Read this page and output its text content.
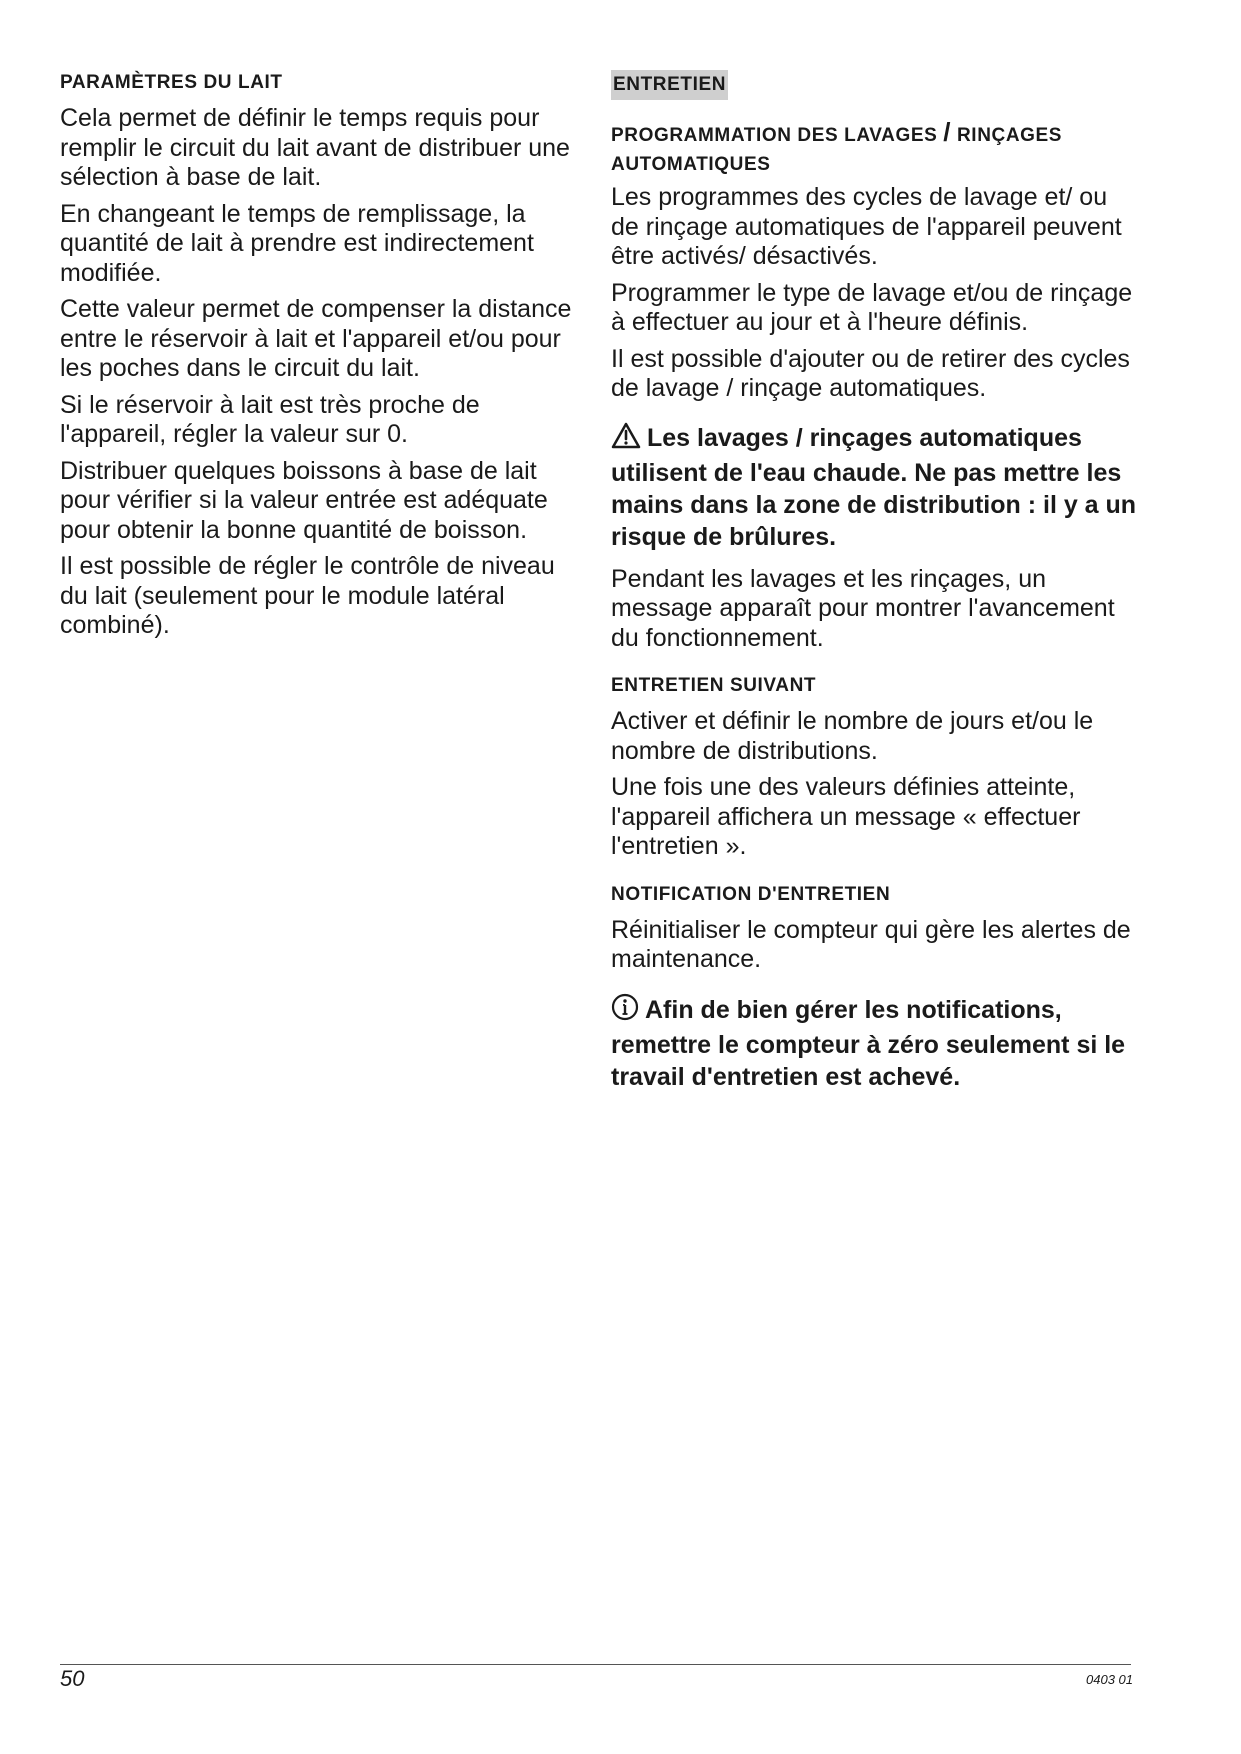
PARAMÈTRES DU LAIT

Cela permet de définir le temps requis pour remplir le circuit du lait avant de distribuer une sélection à base de lait.

En changeant le temps de remplissage, la quantité de lait à prendre est indirectement modifiée.

Cette valeur permet de compenser la distance entre le réservoir à lait et l'appareil et/ou pour les poches dans le circuit du lait.

Si le réservoir à lait est très proche de l'appareil, régler la valeur sur 0.

Distribuer quelques boissons à base de lait pour vérifier si la valeur entrée est adéquate pour obtenir la bonne quantité de boisson.

Il est possible de régler le contrôle de niveau du lait (seulement pour le module latéral combiné).

ENTRETIEN
PROGRAMMATION DES LAVAGES / RINÇAGES AUTOMATIQUES

Les programmes des cycles de lavage et/ ou de rinçage automatiques de l'appareil peuvent être activés/ désactivés.

Programmer le type de lavage et/ou de rinçage à effectuer au jour et à l'heure définis.

Il est possible d'ajouter ou de retirer des cycles de lavage / rinçage automatiques.

Les lavages / rinçages automatiques utilisent de l'eau chaude. Ne pas mettre les mains dans la zone de distribution : il y a un risque de brûlures.

Pendant les lavages et les rinçages, un message apparaît pour montrer l'avancement du fonctionnement.

ENTRETIEN SUIVANT

Activer et définir le nombre de jours et/ou le nombre de distributions.

Une fois une des valeurs définies atteinte, l'appareil affichera un message « effectuer l'entretien ».

NOTIFICATION D'ENTRETIEN

Réinitialiser le compteur qui gère les alertes de maintenance.

Afin de bien gérer les notifications, remettre le compteur à zéro seulement si le travail d'entretien est achevé.
50	0403 01
